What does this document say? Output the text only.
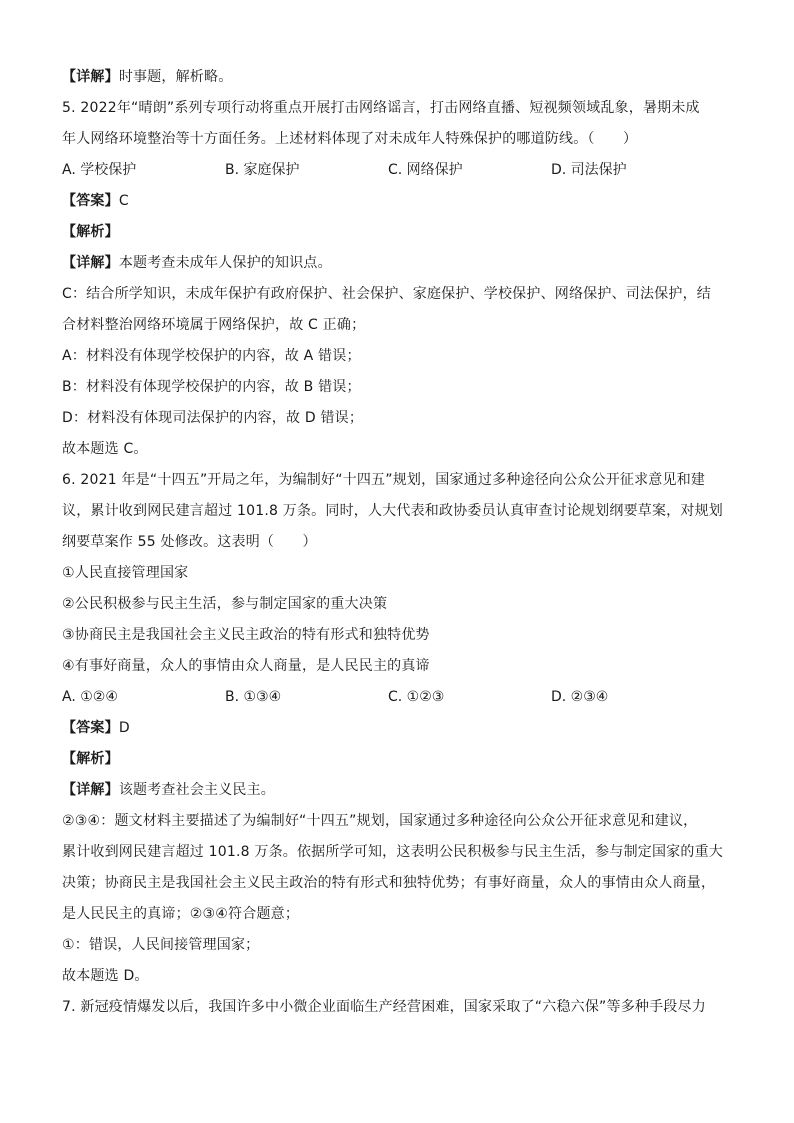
【详解】时事题，解析略。
5. 2022年“晴朗”系列专项行动将重点开展打击网络谣言，打击网络直播、短视频领域乱象，暑期未成
年人网络环境整治等十方面任务。上述材料体现了对未成年人特殊保护的哪道防线。（　　）
A. 学校保护	B. 家庭保护	C. 网络保护	D. 司法保护
【答案】C
【解析】
【详解】本题考查未成年人保护的知识点。
C：结合所学知识，未成年保护有政府保护、社会保护、家庭保护、学校保护、网络保护、司法保护，结
合材料整治网络环境属于网络保护，故 C 正确；
A：材料没有体现学校保护的内容，故 A 错误；
B：材料没有体现学校保护的内容，故 B 错误；
D：材料没有体现司法保护的内容，故 D 错误；
故本题选 C。
6. 2021 年是“十四五”开局之年，为编制好“十四五”规划，国家通过多种途径向公众公开征求意见和建
议，累计收到网民建言超过 101.8 万条。同时，人大代表和政协委员认真审查讨论规划纲要草案，对规划
纲要草案作 55 处修改。这表明（　　）
①人民直接管理国家
②公民积极参与民主生活，参与制定国家的重大决策
③协商民主是我国社会主义民主政治的特有形式和独特优势
④有事好商量，众人的事情由众人商量，是人民民主的真谛
A. ①②④	B. ①③④	C. ①②③	D. ②③④
【答案】D
【解析】
【详解】该题考查社会主义民主。
②③④：题文材料主要描述了为编制好“十四五”规划，国家通过多种途径向公众公开征求意见和建议，
累计收到网民建言超过 101.8 万条。依据所学可知，这表明公民积极参与民主生活，参与制定国家的重大
决策；协商民主是我国社会主义民主政治的特有形式和独特优势；有事好商量，众人的事情由众人商量，
是人民民主的真谛；②③④符合题意；
①：错误，人民间接管理国家；
故本题选 D。
7. 新冠疫情爆发以后，我国许多中小微企业面临生产经营困难，国家采取了“六稳六保”等多种手段尽力
